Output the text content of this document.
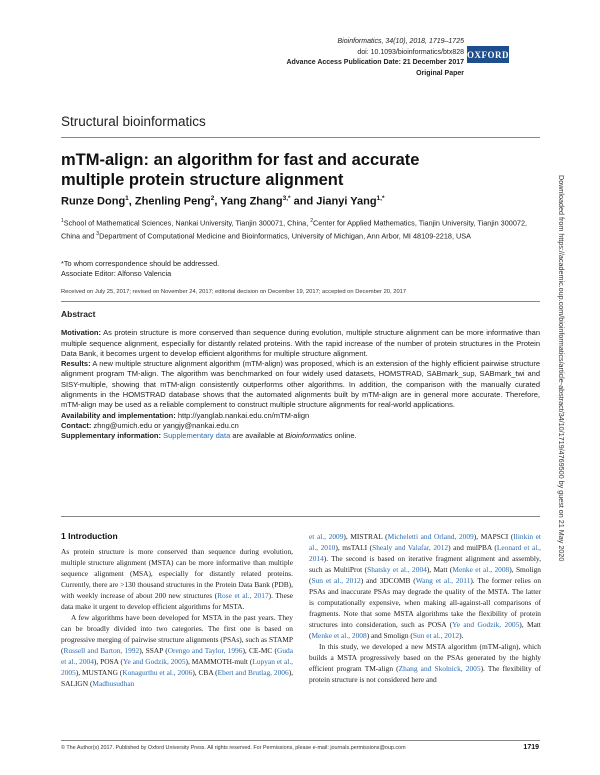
Bioinformatics, 34(10), 2018, 1719–1725
doi: 10.1093/bioinformatics/btx828
Advance Access Publication Date: 21 December 2017
Original Paper
OXFORD
Structural bioinformatics
mTM-align: an algorithm for fast and accurate
multiple protein structure alignment
Runze Dong$^1$, Zhenling Peng$^2$, Yang Zhang$^{3,*}$ and Jianyi Yang$^{1,*}$
$^1$School of Mathematical Sciences, Nankai University, Tianjin 300071, China, $^2$Center for Applied Mathematics, Tianjin University, Tianjin 300072, China and $^3$Department of Computational Medicine and Bioinformatics, University of Michigan, Ann Arbor, MI 48109-2218, USA
*To whom correspondence should be addressed.
Associate Editor: Alfonso Valencia
Received on July 25, 2017; revised on November 24, 2017; editorial decision on December 19, 2017; accepted on December 20, 2017
Abstract

Motivation: As protein structure is more conserved than sequence during evolution, multiple structure alignment can be more informative than multiple sequence alignment, especially for distantly related proteins. With the rapid increase of the number of protein structures in the Protein Data Bank, it becomes urgent to develop efficient algorithms for multiple structure alignment.

Results: A new multiple structure alignment algorithm (mTM-align) was proposed, which is an extension of the highly efficient pairwise structure alignment program TM-align. The algorithm was benchmarked on four widely used datasets, HOMSTRAD, SABmark_sup, SABmark_twi and SISY-multiple, showing that mTM-align consistently outperforms other algorithms. In addition, the comparison with the manually curated alignments in the HOMSTRAD database shows that the automated alignments built by mTM-align are in general more accurate. Therefore, mTM-align may be used as a reliable complement to construct multiple structure alignments for real-world applications.

Availability and implementation: http://yanglab.nankai.edu.cn/mTM-align

Contact: zhng@umich.edu or yangjy@nankai.edu.cn

Supplementary information: Supplementary data are available at Bioinformatics online.

1 Introduction

As protein structure is more conserved than sequence during evolution, multiple structure alignment (MSTA) can be more informative than multiple sequence alignment (MSA), especially for distantly related proteins. Currently, there are >130 thousand structures in the Protein Data Bank (PDB), with weekly increase of about 200 new structures (Rose et al., 2017). These data make it urgent to develop efficient algorithms for MSTA.

A few algorithms have been developed for MSTA in the past years. They can be broadly divided into two categories. The first one is based on progressive merging of pairwise structure alignments (PSAs), such as STAMP (Russell and Barton, 1992), SSAP (Orengo and Taylor, 1996), CE-MC (Guda et al., 2004), POSA (Ye and Godzik, 2005), MAMMOTH-mult (Lupyan et al., 2005), MUSTANG (Konagurthu et al., 2006), CBA (Ebert and Brutlag, 2006), SALIGN (Madhusudhan

et al., 2009), MISTRAL (Micheletti and Orland, 2009), MAPSCI (Ilinkin et al., 2010), msTALI (Shealy and Valafar, 2012) and mulPBA (Leonard et al., 2014). The second is based on iterative fragment alignment and assembly, such as MultiProt (Shatsky et al., 2004), Matt (Menke et al., 2008), Smolign (Sun et al., 2012) and 3DCOMB (Wang et al., 2011). The former relies on PSAs and inaccurate PSAs may degrade the quality of the MSTA. The latter is computationally expensive, when making all-against-all comparisons of fragments. Note that some MSTA algorithms take the flexibility of protein structures into consideration, such as POSA (Ye and Godzik, 2005), Matt (Menke et al., 2008) and Smolign (Sun et al., 2012).

In this study, we developed a new MSTA algorithm (mTM-align), which builds a MSTA progressively based on the PSAs generated by the highly efficient program TM-align (Zhang and Skolnick, 2005). The flexibility of protein structure is not considered here and

© The Author(s) 2017. Published by Oxford University Press. All rights reserved. For Permissions, please e-mail: journals.permissions@oup.com	1719
Downloaded from https://academic.oup.com/bioinformatics/article-abstract/34/10/1719/4769500 by guest on 21 May 2020
